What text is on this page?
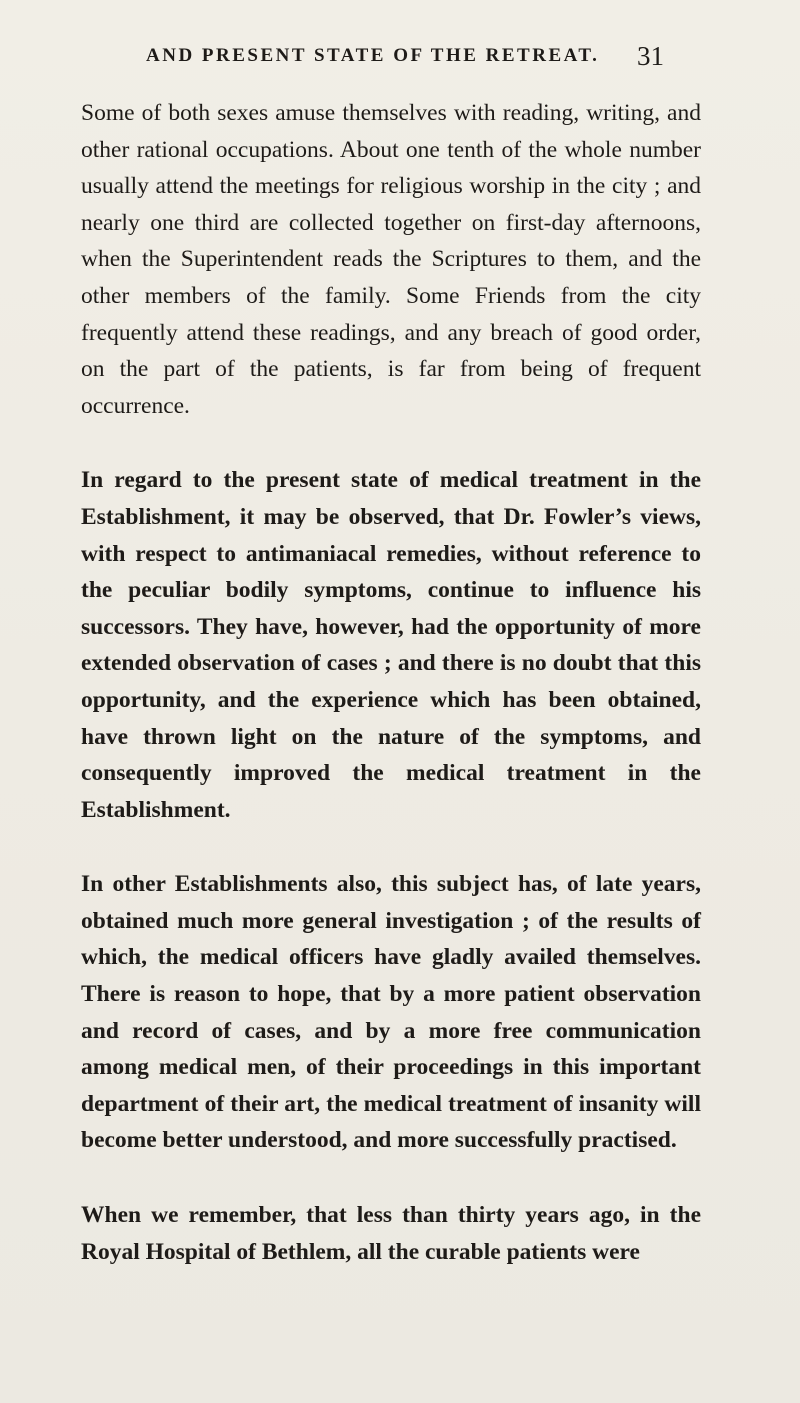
AND PRESENT STATE OF THE RETREAT. 31

Some of both sexes amuse themselves with reading, writing, and other rational occupations. About one tenth of the whole number usually attend the meetings for religious worship in the city ; and nearly one third are collected together on first-day afternoons, when the Superintendent reads the Scriptures to them, and the other members of the family. Some Friends from the city frequently attend these readings, and any breach of good order, on the part of the patients, is far from being of frequent occurrence.

In regard to the present state of medical treatment in the Establishment, it may be observed, that Dr. Fowler’s views, with respect to antimaniacal remedies, without reference to the peculiar bodily symptoms, continue to influence his successors. They have, however, had the opportunity of more extended observation of cases ; and there is no doubt that this opportunity, and the experience which has been obtained, have thrown light on the nature of the symptoms, and consequently improved the medical treatment in the Establishment.

In other Establishments also, this subject has, of late years, obtained much more general investigation ; of the results of which, the medical officers have gladly availed themselves. There is reason to hope, that by a more patient observation and record of cases, and by a more free communication among medical men, of their proceedings in this important department of their art, the medical treatment of insanity will become better understood, and more successfully practised.

When we remember, that less than thirty years ago, in the Royal Hospital of Bethlem, all the curable patients were
